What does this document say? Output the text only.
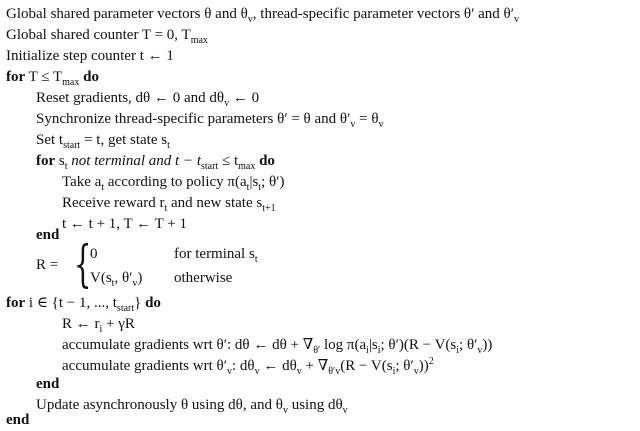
Global shared parameter vectors θ and $\theta_v$, thread-specific parameter vectors θ′ and $\theta'_v$
Global shared counter T = 0, $T_{max}$
Initialize step counter t ← 1
for $T \le T_{max}$ do
Reset gradients, dθ ← 0 and $d\theta_v$ ← 0
Synchronize thread-specific parameters θ′ = θ and $\theta'_v = \theta_v$
Set $t_{start} = t$, get state $s_t$
for $s_t$ not terminal and $t - t_{start} \le t_{max}$ do
Take $a_t$ according to policy $\pi(a_t|s_t$; θ′)
Receive reward $r_t$ and new state $s_{t+1}$
t ← t + 1, T ← T + 1
end
R = {
0	for terminal $s_t$
$V(s_t$, $\theta'_v$) otherwise
for i ∈ {t − 1, ..., $t_{start}$} do
R ← $r_i + \gamma R$
accumulate gradients wrt θ′: dθ ← $d\theta + \nabla_{\theta'}$ $\log \pi(a_i|s_i$; $\theta')(R - V(s_i$; $\theta'_v$))
accumulate gradients wrt $\theta'_v$: $d\theta_v$ ← $d\theta_v + \nabla_{\theta'v}(R - V(s_i$; $\theta'_v))^2$
end
Update asynchronously θ using dθ, and $\theta_v$ using $d\theta_v$
end
